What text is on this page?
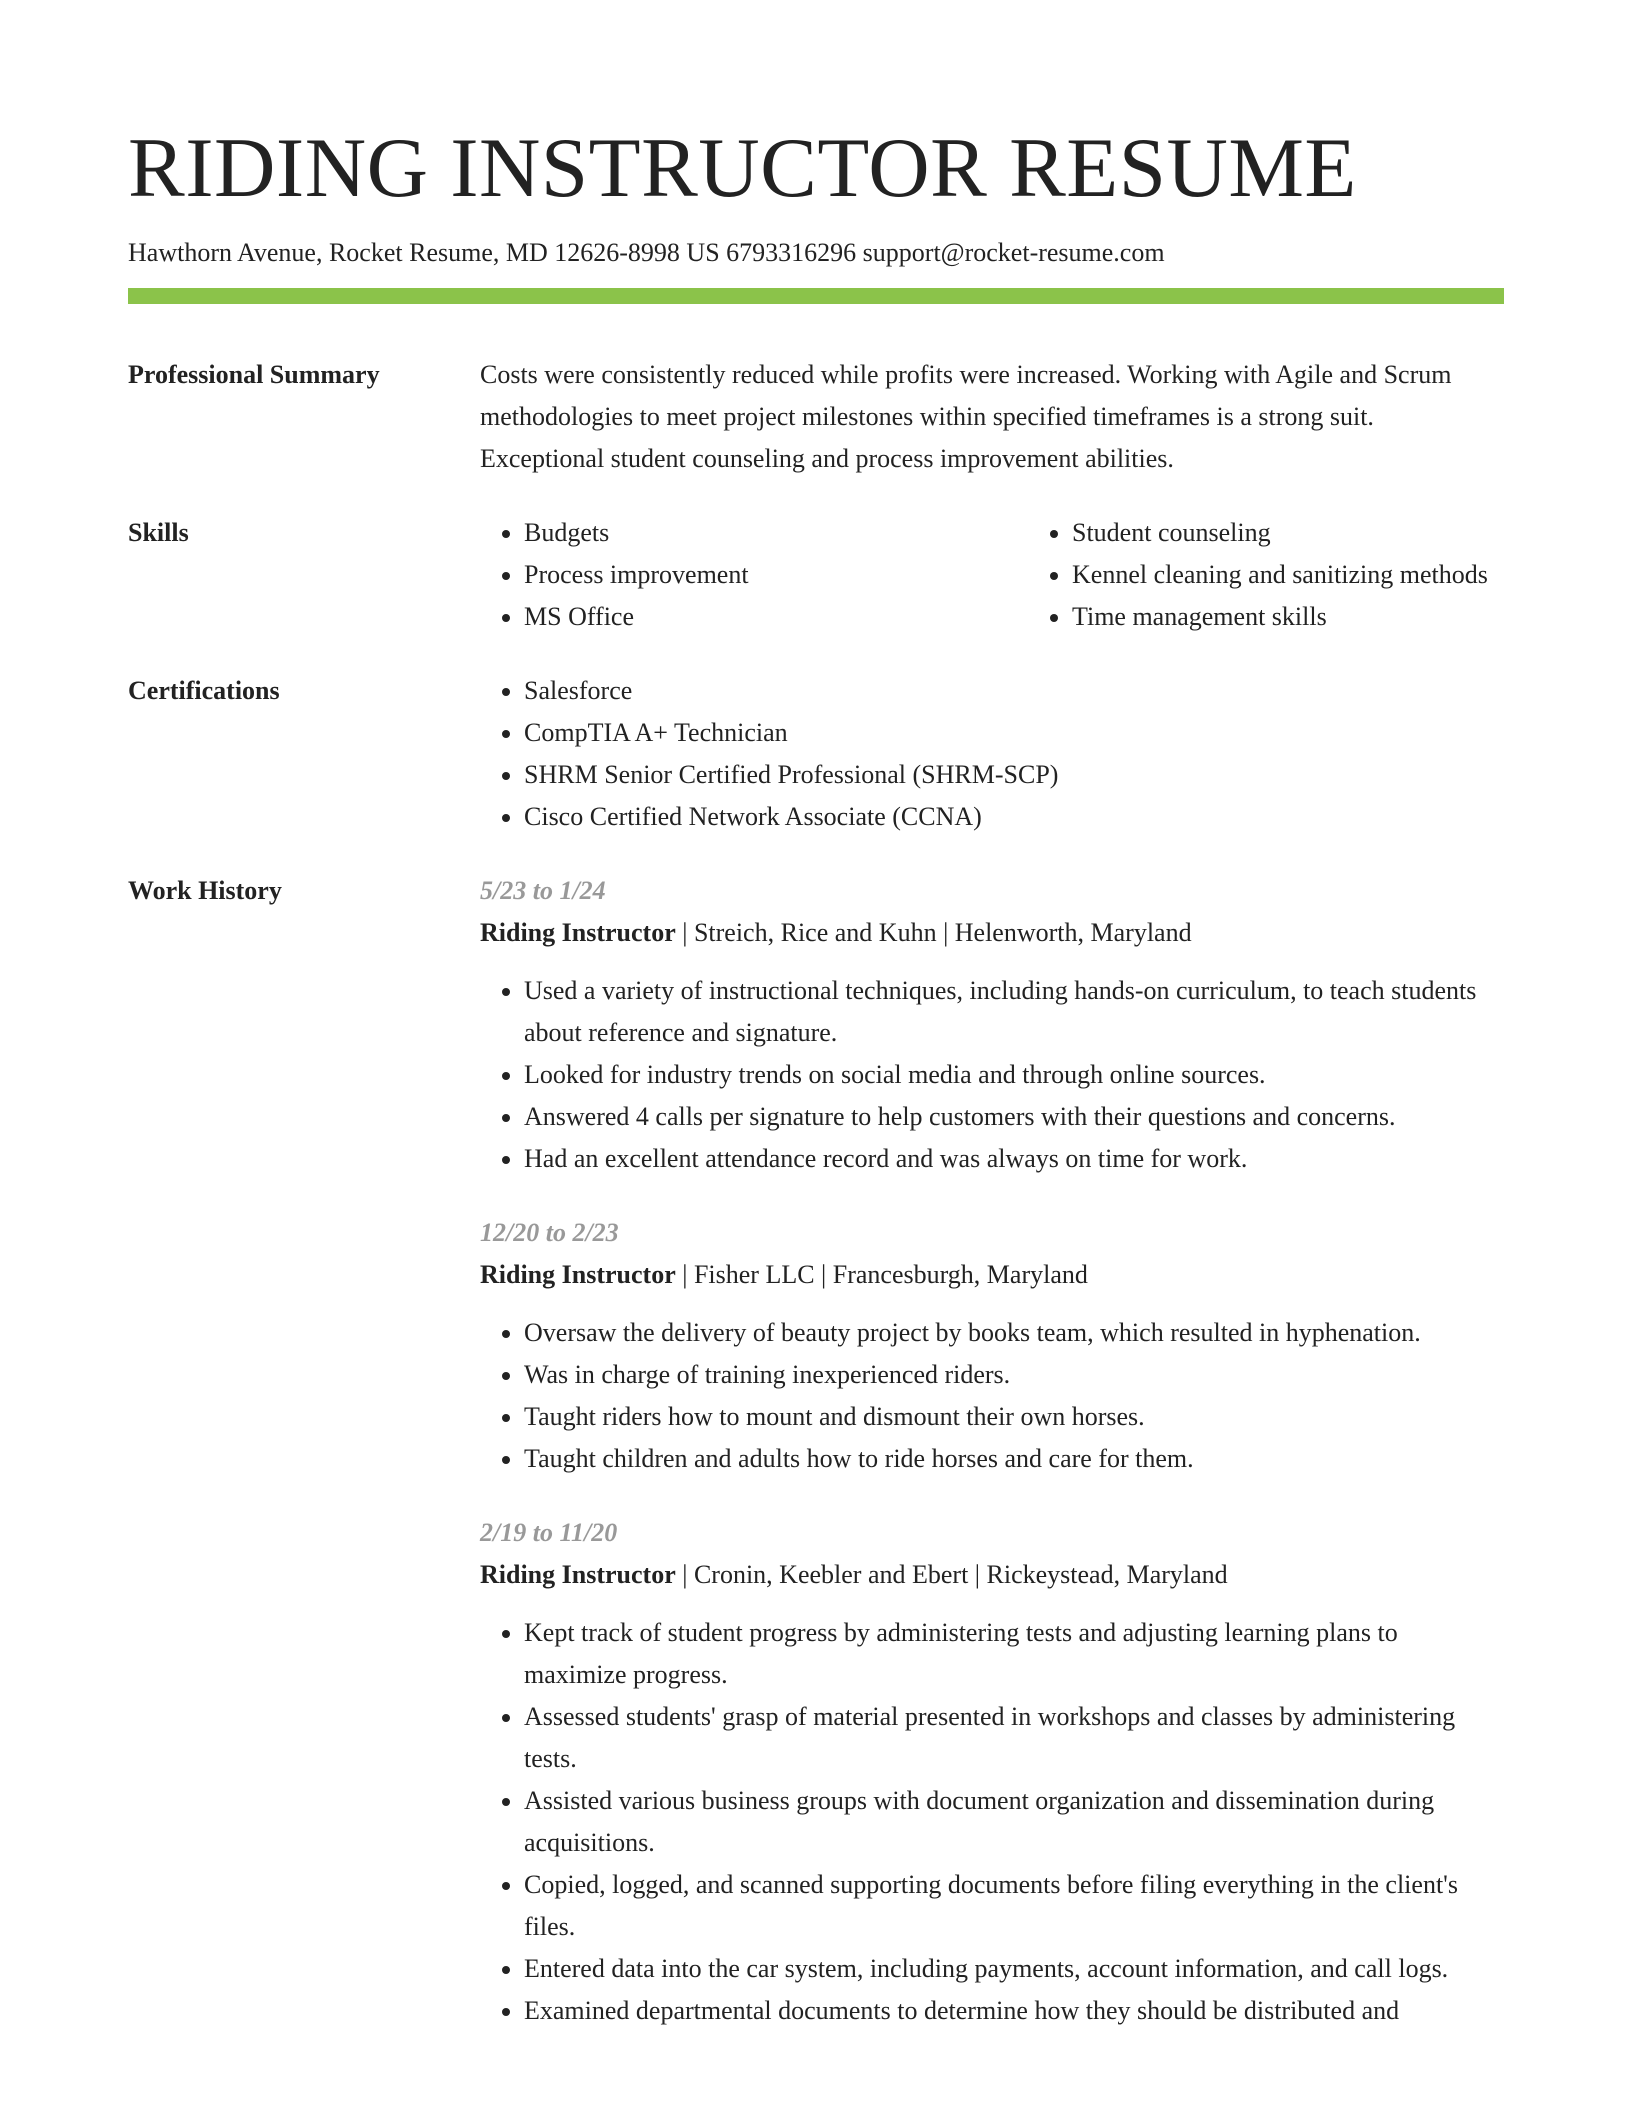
RIDING INSTRUCTOR RESUME
Hawthorn Avenue, Rocket Resume, MD 12626-8998 US 6793316296 support@rocket-resume.com
Professional Summary	Costs were consistently reduced while profits were increased. Working with Agile and Scrum methodologies to meet project milestones within specified timeframes is a strong suit. Exceptional student counseling and process improvement abilities.

Skills	• Budgets
• Process improvement
• MS Office
• Student counseling
• Kennel cleaning and sanitizing methods
• Time management skills
Certifications	• Salesforce
• CompTIA A+ Technician
• SHRM Senior Certified Professional (SHRM-SCP)
• Cisco Certified Network Associate (CCNA)
Work History	5/23 to 1/24
Riding Instructor | Streich, Rice and Kuhn | Helenworth, Maryland
• Used a variety of instructional techniques, including hands-on curriculum, to teach students about reference and signature.
• Looked for industry trends on social media and through online sources.
• Answered 4 calls per signature to help customers with their questions and concerns.
• Had an excellent attendance record and was always on time for work.
12/20 to 2/23
Riding Instructor | Fisher LLC | Francesburgh, Maryland
• Oversaw the delivery of beauty project by books team, which resulted in hyphenation.
• Was in charge of training inexperienced riders.
• Taught riders how to mount and dismount their own horses.
• Taught children and adults how to ride horses and care for them.
2/19 to 11/20
Riding Instructor | Cronin, Keebler and Ebert | Rickeystead, Maryland
• Kept track of student progress by administering tests and adjusting learning plans to maximize progress.
• Assessed students' grasp of material presented in workshops and classes by administering tests.
• Assisted various business groups with document organization and dissemination during acquisitions.
• Copied, logged, and scanned supporting documents before filing everything in the client's files.
• Entered data into the car system, including payments, account information, and call logs.
• Examined departmental documents to determine how they should be distributed and
